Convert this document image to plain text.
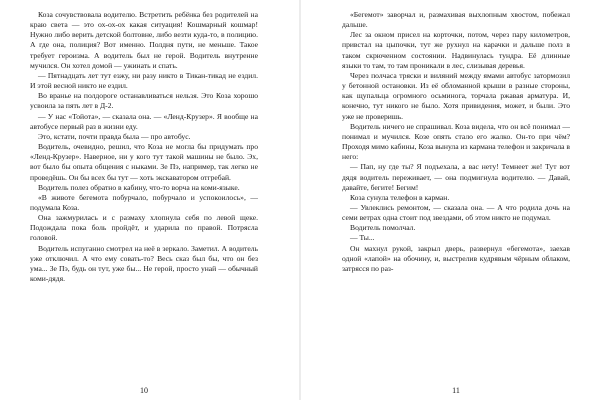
Коза сочувствовала водителю. Встретить ребёнка без родителей на краю света — это ох-ох-ох какая ситуация! Кошмарный кошмар! Нужно либо верить детской болтовне, либо везти куда-то, в полицию. А где она, полиция? Вот именно. Полдня пути, не меньше. Такое требует героизма. А водитель был не герой. Водитель внутренне мучился. Он хотел домой — ужинать и спать.

— Пятнадцать лет тут езжу, ни разу никто в Тикан-тикад не ездил. И этой весной никто не ездил.

Во вранье на полдороге останавливаться нельзя. Это Коза хорошо усвоила за пять лет в Д-2.

— У нас «Тойота», — сказала она. — «Ленд-Крузер». Я вообще на автобусе первый раз в жизни еду.

Это, кстати, почти правда была — про автобус.

Водитель, очевидно, решил, что Коза не могла бы придумать про «Ленд-Крузер». Наверное, ни у кого тут такой машины не было. Эх, вот было бы опыта общения с ныками. Зе Пэ, например, так легко не проведёшь. Он бы всех бы тут — хоть экскаватором отгребай.

Водитель полез обратно в кабину, что-то ворча на коми-языке.

«В животе бегемота побурчало, побурчало и успокоилось», — подумала Коза.

Она зажмурилась и с размаху хлопнула себя по левой щеке. Подождала пока боль пройдёт, и ударила по правой. Потрясла головой.

Водитель испуганно смотрел на неё в зеркало. Заметил. А водитель уже отключил. А что ему совать-то? Весь сказ был бы, что он без ума... Зе Пэ, будь он тут, уже бы... Не герой, просто унай — обычный коми-дядя.

«Бегемот» заворчал и, размахивая выхлопным хвостом, побежал дальше.

Лес за окном присел на корточки, потом, через пару километров, привстал на цыпочки, тут же рухнул на карачки и дальше полз в таком скрюченном состоянии. Надвинулась тундра. Её длинные языки то там, то там проникали в лес, слизывая деревья.

Через полчаса тряски и виляний между ямами автобус затормозил у бетонной остановки. Из её обломанной крыши в разные стороны, как щупальца огромного осьминога, торчала ржавая арматура. И, конечно, тут никого не было. Хотя привидения, может, и были. Это уже не проверишь.

Водитель ничего не спрашивал. Коза видела, что он всё понимал — понимал и мучился. Козе опять стало его жалко. Он-то при чём? Проходя мимо кабины, Коза вынула из кармана телефон и закричала в него:

— Пап, ну где ты? Я подъехала, а вас нету! Темнеет же! Тут вот дядя водитель переживает, — она подмигнула водителю. — Давай, давайте, бегите! Бегим!

Коза сунула телефон в карман.

— Увлеклись ремонтом, — сказала она. — А что родила дочь на семи ветрах одна стоит под звездами, об этом никто не подумал.

Водитель помолчал.

— Ты...

Он махнул рукой, закрыл дверь, развернул «бегемота», заехав одной «лапой» на обочину, и, выстрелив кудрявым чёрным облаком, затрясся по раз-

10	11
